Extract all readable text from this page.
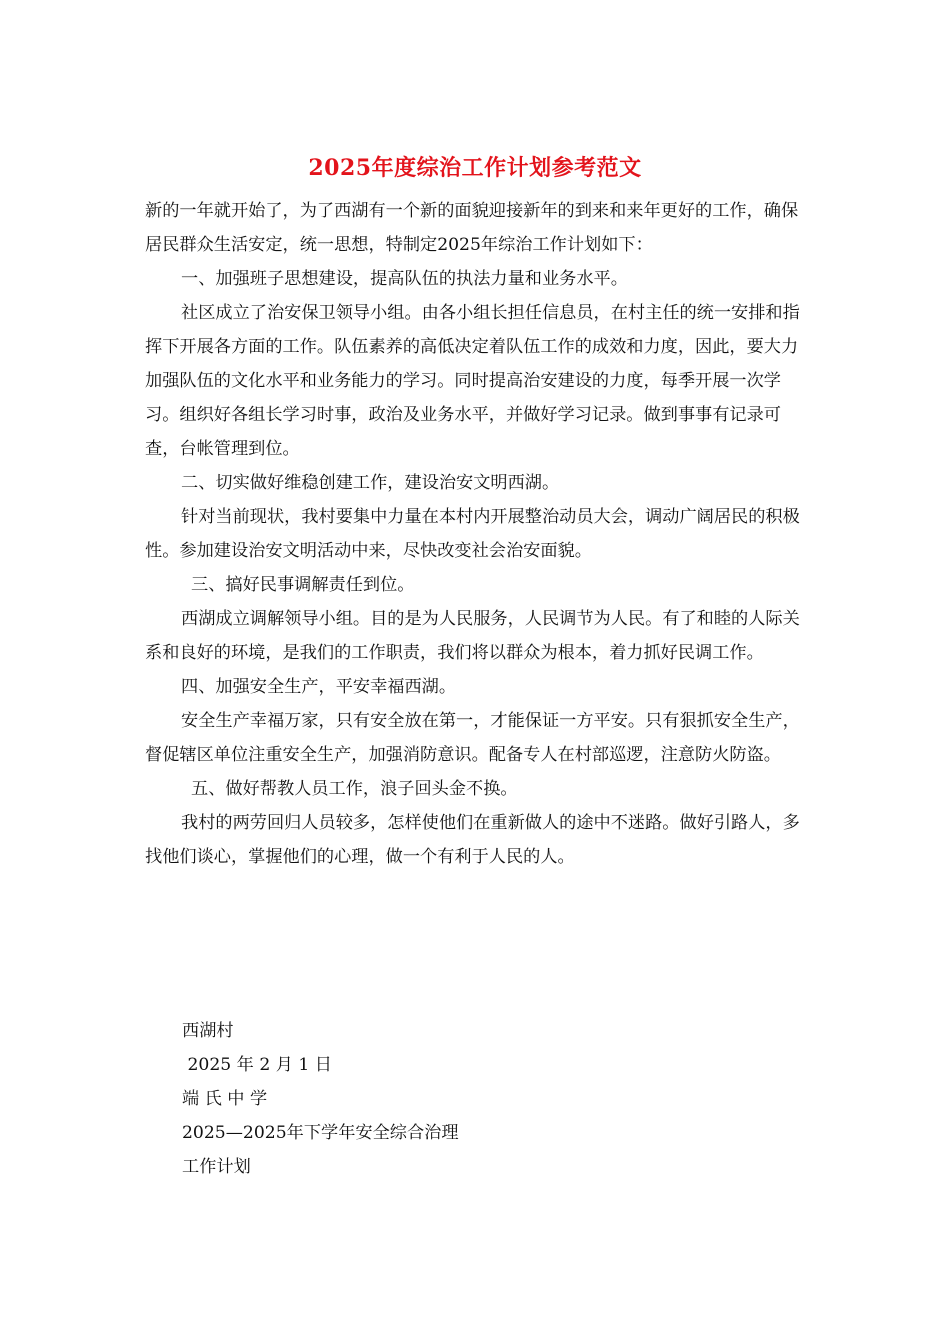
2025年度综治工作计划参考范文

新的一年就开始了，为了西湖有一个新的面貌迎接新年的到来和来年更好的工作，确保居民群众生活安定，统一思想，特制定2025年综治工作计划如下：

一、加强班子思想建设，提高队伍的执法力量和业务水平。

社区成立了治安保卫领导小组。由各小组长担任信息员，在村主任的统一安排和指挥下开展各方面的工作。队伍素养的高低决定着队伍工作的成效和力度，因此，要大力加强队伍的文化水平和业务能力的学习。同时提高治安建设的力度，每季开展一次学习。组织好各组长学习时事，政治及业务水平，并做好学习记录。做到事事有记录可查，台帐管理到位。

二、切实做好维稳创建工作，建设治安文明西湖。

针对当前现状，我村要集中力量在本村内开展整治动员大会，调动广阔居民的积极性。参加建设治安文明活动中来，尽快改变社会治安面貌。

三、搞好民事调解责任到位。

西湖成立调解领导小组。目的是为人民服务，人民调节为人民。有了和睦的人际关系和良好的环境，是我们的工作职责，我们将以群众为根本，着力抓好民调工作。

四、加强安全生产，平安幸福西湖。

安全生产幸福万家，只有安全放在第一，才能保证一方平安。只有狠抓安全生产，督促辖区单位注重安全生产，加强消防意识。配备专人在村部巡逻，注意防火防盗。

五、做好帮教人员工作，浪子回头金不换。

我村的两劳回归人员较多，怎样使他们在重新做人的途中不迷路。做好引路人，多找他们谈心，掌握他们的心理，做一个有利于人民的人。

西湖村

2025 年 2 月 1 日

端 氏 中 学

2025—2025年下学年安全综合治理

工作计划
